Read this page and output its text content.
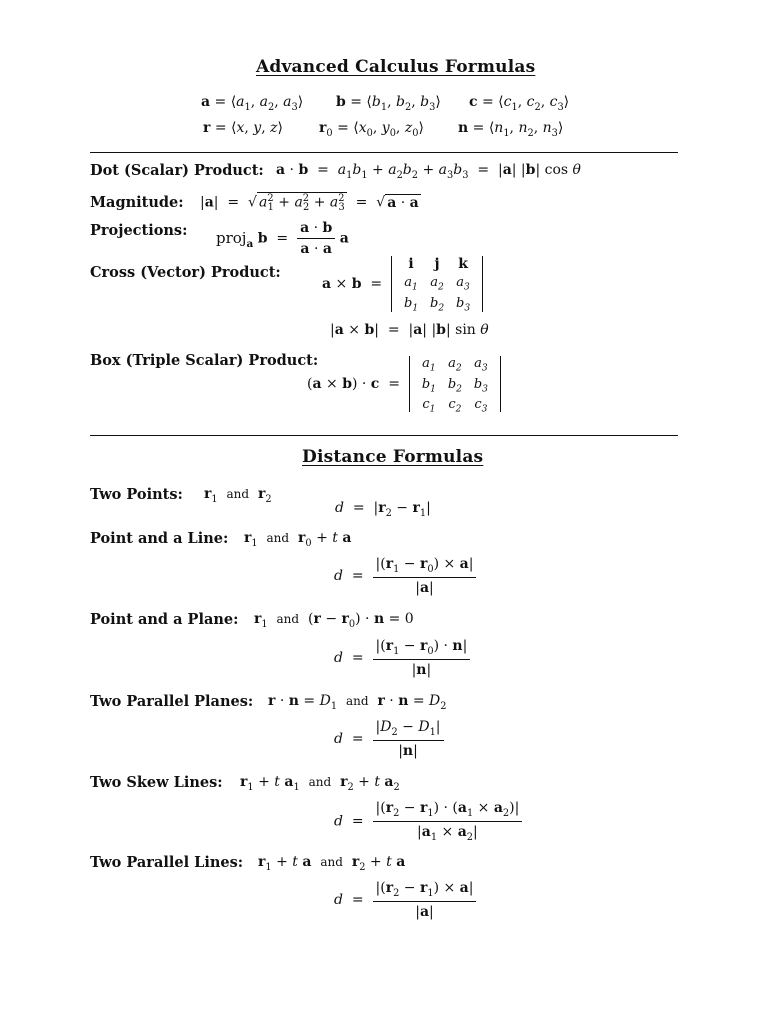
Advanced Calculus Formulas
$a = ⟨a_1$, $a_2$, $a_3⟩$ $b = ⟨b_1$, $b_2$, $b_3⟩$ $c = ⟨c_1$, $c_2$, $c_3⟩$
r = ⟨x, y, z⟩	$r_0$ = $⟨x_0$, $y_0$, $z_0⟩$ $n = ⟨n_1$, $n_2$, $n_3⟩$
Dot (Scalar) Product: $a \cdot b = a_1b_1 + a_2b_2 + a_3b_3 = |a|$ |b| cos θ
Magnitude: |a|  =  √ $a^2_1 + a^2_2 + a^2_3$  =  √ a · a
Projections: proj$_a$ $b = \frac{a \cdot b}{a \cdot a}$ a
Cross (Vector) Product:
a × b  =
i	j	k
$a_1$ $a_2$ $a_3$
$b_1$ $b_2$ $b_3$
|a × b|  =  |a| |b| sin θ
Box (Triple Scalar) Product:
(a × b) · c  =
$a_1$ $a_2$ $a_3$
$b_1$ $b_2$ $b_3$
$c_1$ $c_2$ $c_3$
Distance Formulas
Two Points: $r_1$ and $r_2$
$d = |r_2 - r_1|$
Point and a Line: $r_1$ and $r_0 + t$ a
$d = \frac{|(r_1 - r_0) \times a|}{|a|}$
Point and a Plane: $r_1$ and  $(r - r_0) \cdot n = 0$
$d = \frac{|(r_1 - r_0) \cdot n|}{|n|}$
Two Parallel Planes: $r \cdot n = D_1$ and $r \cdot n = D_2$
$d = \frac{|D_2 - D_1|}{|n|}$
Two Skew Lines: $r_1 + t$ $a_1$ and $r_2 + t$ $a_2$
$d = \frac{|(r_2 - r_1) \cdot (a_1 \times a_2)|}{|a_1 \times a_2|}$
Two Parallel Lines: $r_1 + t$ a and $r_2 + t$ a
$d = \frac{|(r_2 - r_1) \times a|}{|a|}$
